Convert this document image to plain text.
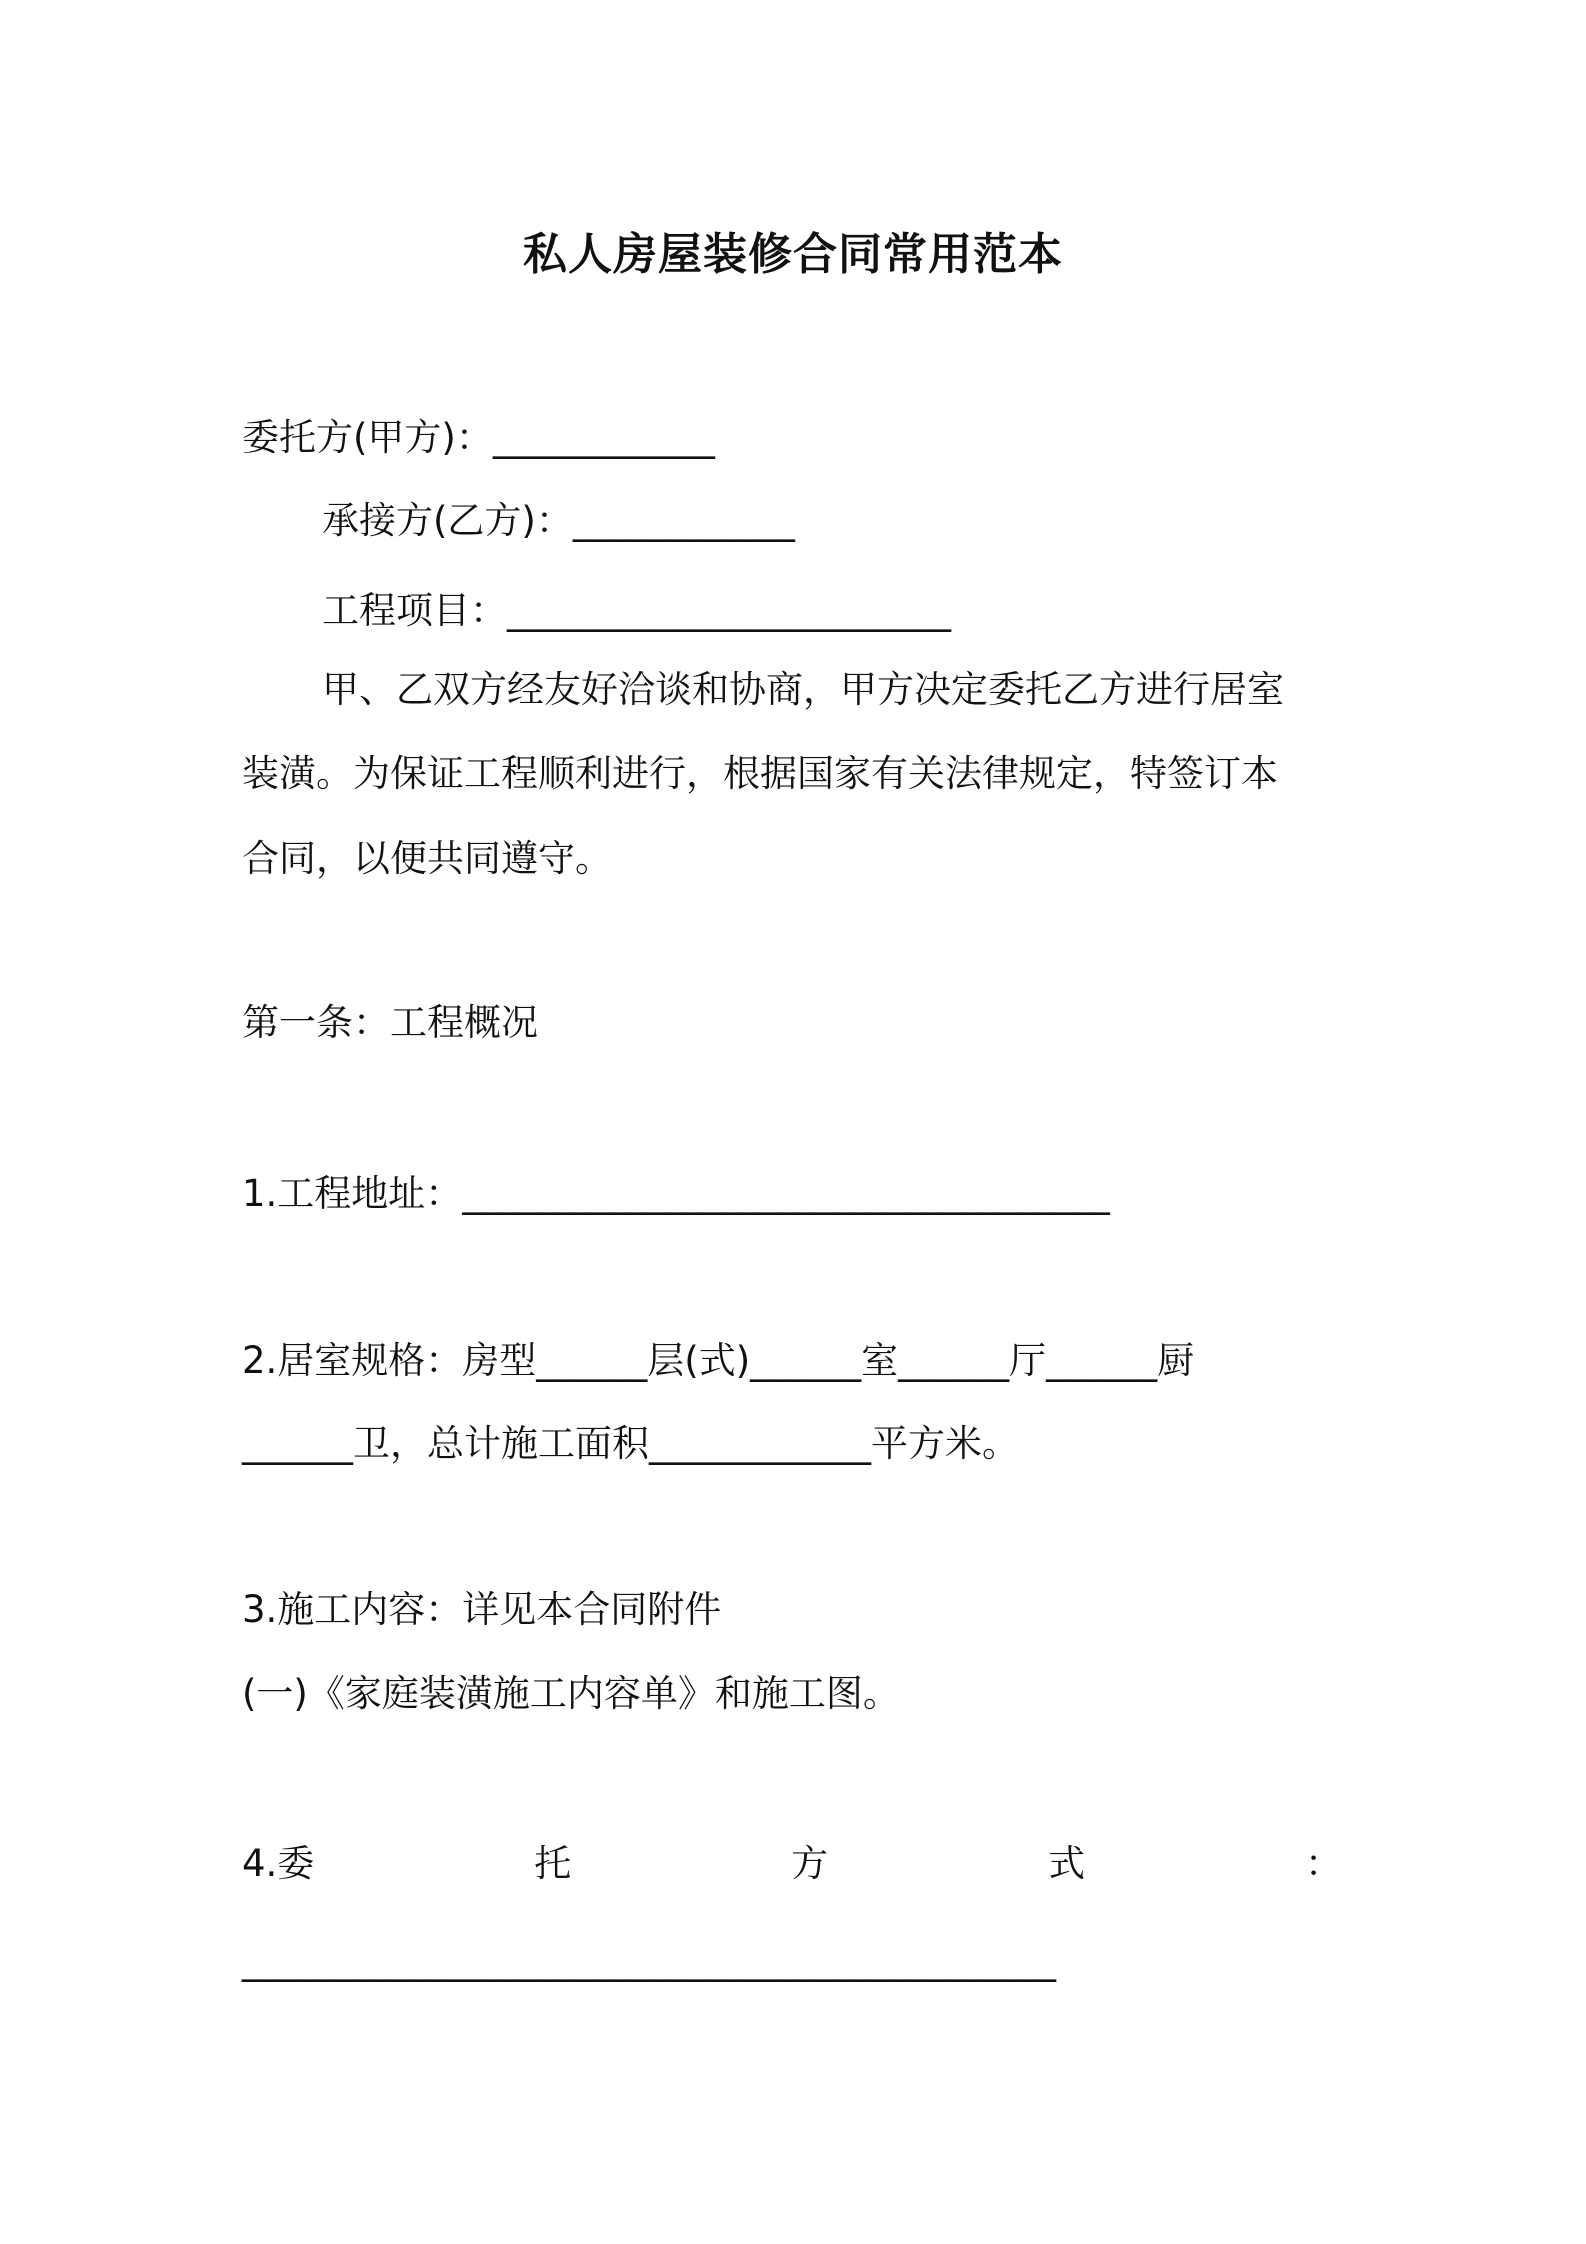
私人房屋装修合同常用范本
委托方(甲方)：____________
承接方(乙方)：____________
工程项目：________________________
甲、乙双方经友好洽谈和协商，甲方决定委托乙方进行居室
装潢。为保证工程顺利进行，根据国家有关法律规定，特签订本
合同，以便共同遵守。
第一条：工程概况
1.工程地址：___________________________________
2.居室规格：房型______层(式)______室______厅______厨
______卫，总计施工面积____________平方米。
3.施工内容：详见本合同附件
(一)《家庭装潢施工内容单》和施工图。
4.委	托	方	式	：
____________________________________________
